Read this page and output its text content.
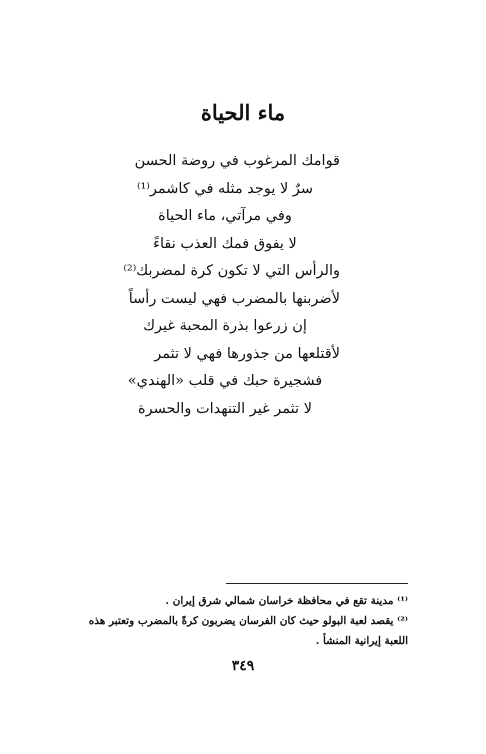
ماء الحياة
قوامك المرغوب في روضة الحسن
سرٌ لا يوجد مثله في كاشمر⁽¹⁾
وفي مرآتي، ماء الحياة
لا يفوق فمك العذب نقاءً
والرأس التي لا تكون كرة لمضربك⁽²⁾
لأضربنها بالمضرب فهي ليست رأساً
إن زرعوا بذرة المحبة غيرك
لأقتلعها من جذورها فهي لا تثمر
فشجيرة حبك في قلب «الهندي»
لا تثمر غير التنهدات والحسرة
⁽¹⁾ مدينة تقع في محافظة خراسان شمالي شرق إيران .
⁽²⁾ يقصد لعبة البولو حيث كان الفرسان يضربون كرةً بالمضرب وتعتبر هذه
اللعبة إيرانية المنشأ .
٣٤٩
